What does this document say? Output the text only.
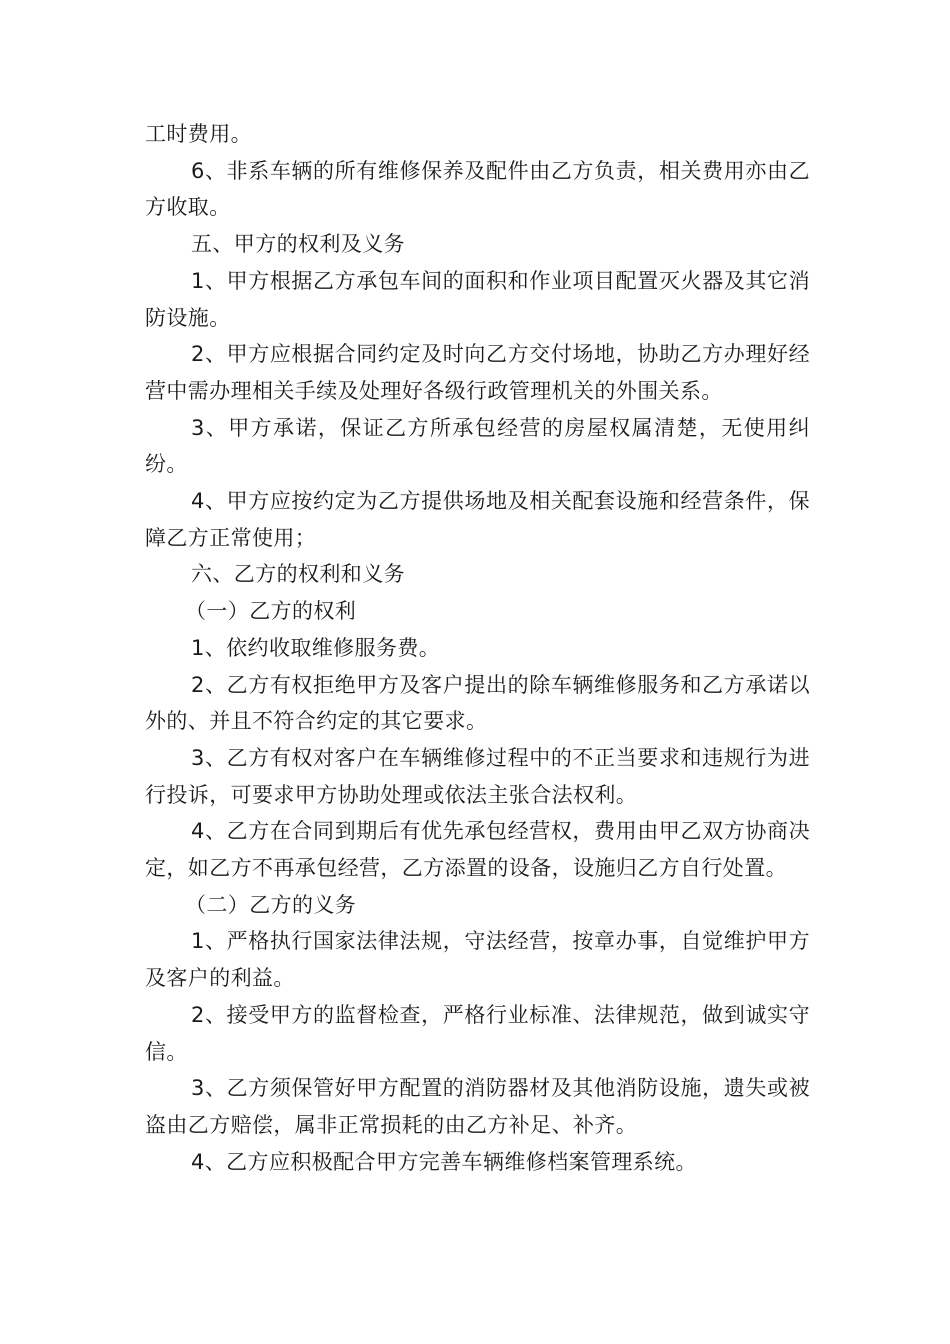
工时费用。

6、非系车辆的所有维修保养及配件由乙方负责，相关费用亦由乙方收取。

五、甲方的权利及义务

1、甲方根据乙方承包车间的面积和作业项目配置灭火器及其它消防设施。

2、甲方应根据合同约定及时向乙方交付场地，协助乙方办理好经营中需办理相关手续及处理好各级行政管理机关的外围关系。

3、甲方承诺，保证乙方所承包经营的房屋权属清楚，无使用纠纷。

4、甲方应按约定为乙方提供场地及相关配套设施和经营条件，保障乙方正常使用；

六、乙方的权利和义务

（一）乙方的权利

1、依约收取维修服务费。

2、乙方有权拒绝甲方及客户提出的除车辆维修服务和乙方承诺以外的、并且不符合约定的其它要求。

3、乙方有权对客户在车辆维修过程中的不正当要求和违规行为进行投诉，可要求甲方协助处理或依法主张合法权利。

4、乙方在合同到期后有优先承包经营权，费用由甲乙双方协商决定，如乙方不再承包经营，乙方添置的设备，设施归乙方自行处置。

（二）乙方的义务

1、严格执行国家法律法规，守法经营，按章办事，自觉维护甲方及客户的利益。

2、接受甲方的监督检查，严格行业标准、法律规范，做到诚实守信。

3、乙方须保管好甲方配置的消防器材及其他消防设施，遗失或被盗由乙方赔偿，属非正常损耗的由乙方补足、补齐。

4、乙方应积极配合甲方完善车辆维修档案管理系统。
